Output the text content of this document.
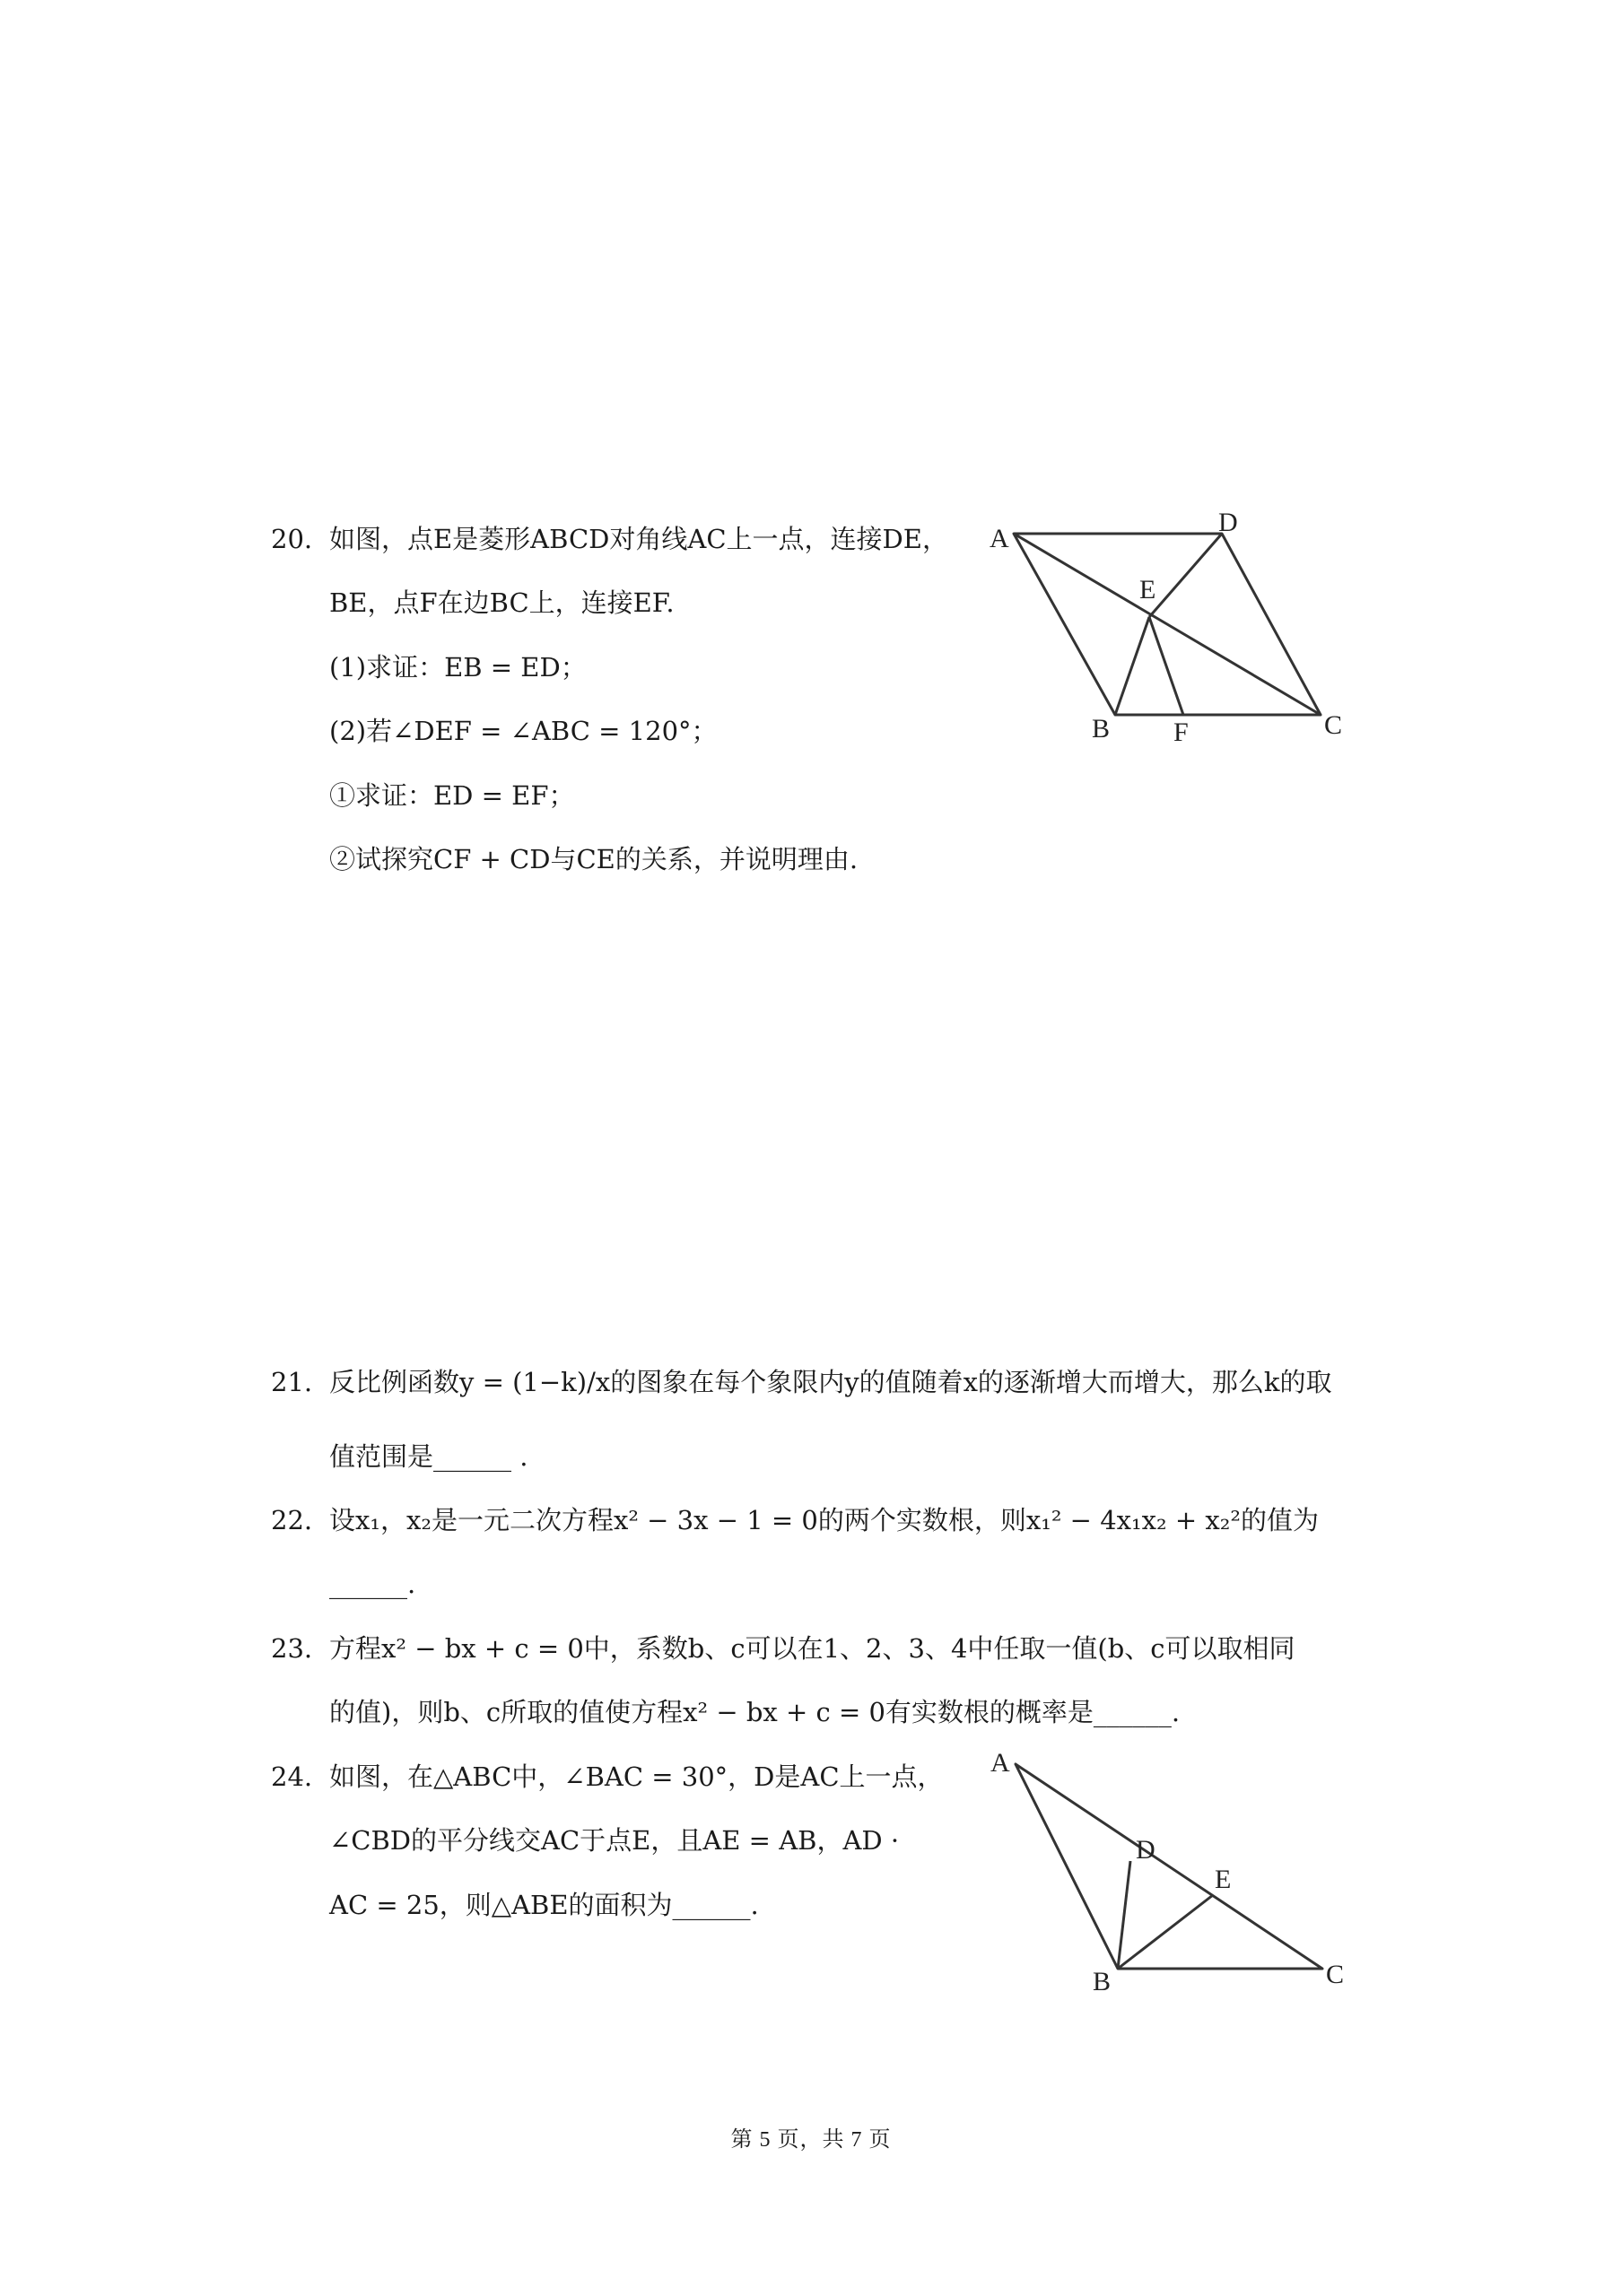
20. 如图，点E是菱形ABCD对角线AC上一点，连接DE，
BE，点F在边BC上，连接EF.
(1)求证：EB = ED；
(2)若∠DEF = ∠ABC = 120°；
①求证：ED = EF；
②试探究CF + CD与CE的关系，并说明理由.
A
D
E
B F	C
21. 反比例函数y = (1−k)/x的图象在每个象限内y的值随着x的逐渐增大而增大，那么k的取
值范围是______ .
22. 设x₁，x₂是一元二次方程x² − 3x − 1 = 0的两个实数根，则x₁² − 4x₁x₂ + x₂²的值为
______.
23. 方程x² − bx + c = 0中，系数b、c可以在1、2、3、4中任取一值(b、c可以取相同
的值)，则b、c所取的值使方程x² − bx + c = 0有实数根的概率是______.
24. 如图，在△ABC中，∠BAC = 30°，D是AC上一点，
∠CBD的平分线交AC于点E，且AE = AB，AD ·
AC = 25，则△ABE的面积为______.
A
D
E
B	C
第 5 页，共 7 页
